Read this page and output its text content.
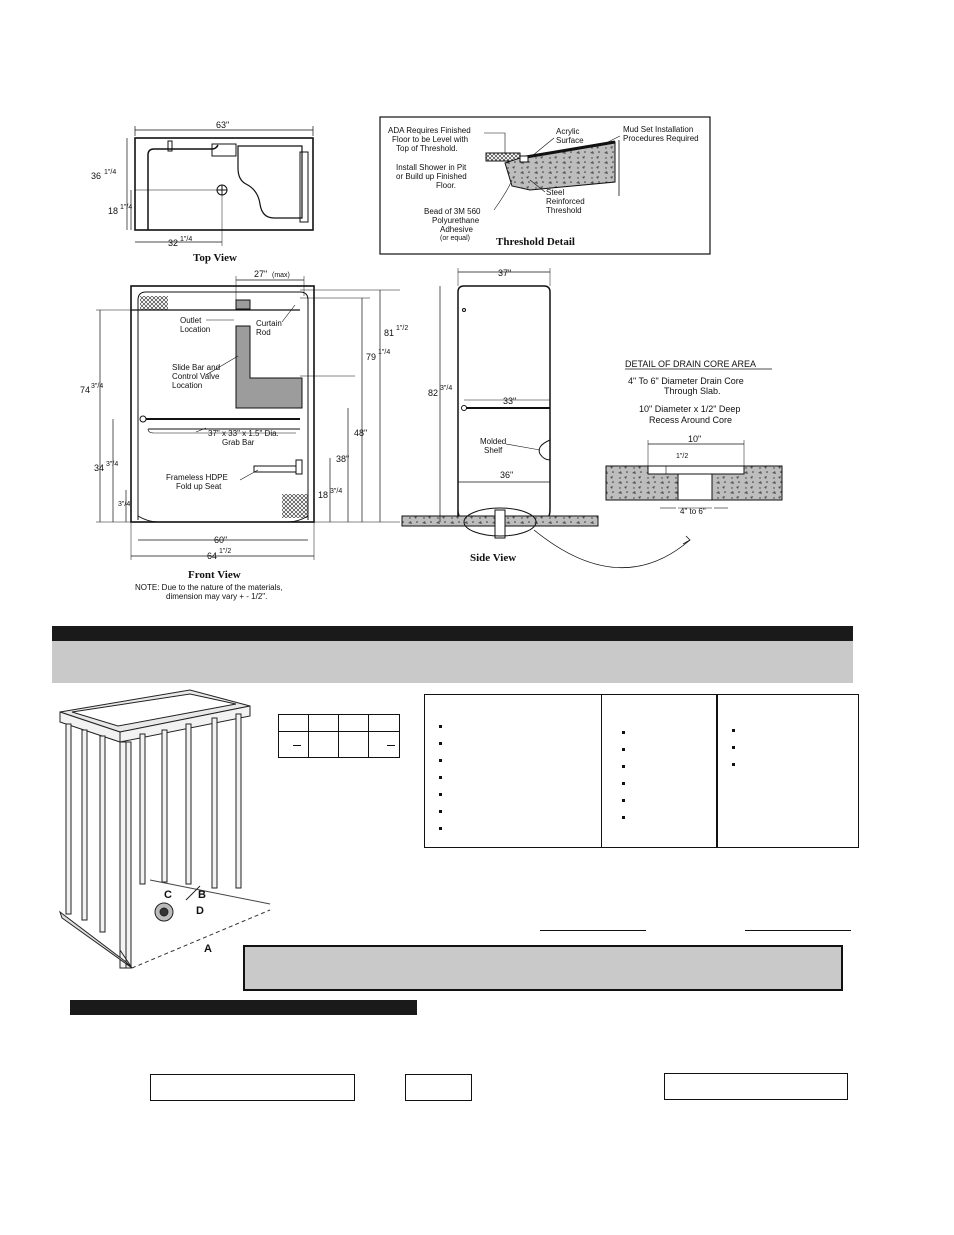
63"
36 1"/4
18 1"/4
32 1"/4
Top View
ADA Requires Finished
Floor to be Level with
Top of Threshold.
Install Shower in Pit
or Build up Finished
Floor.
Bead of 3M 560
Polyurethane
Adhesive
(or equal)
Acrylic
Surface
Mud Set Installation
Procedures Required
Steel
Reinforced
Threshold
Threshold Detail
27" (max)
Outlet
Location
Curtain
Rod
Slide Bar and
Control Valve
Location
37" x 33" x 1.5" Dia.
Grab Bar
Frameless HDPE
Fold up Seat
81 1"/2
79 1"/4
74 3"/4
48"
38"
34 3"/4
18 3"/4
3"/4
60"
64 1"/2
Front View
NOTE: Due to the nature of the materials,
dimension may vary + - 1/2".
37"
33"
36"
82 3"/4
Molded
Shelf
Side View
DETAIL OF DRAIN CORE AREA
4" To 6" Diameter Drain Core
Through Slab.
10" Diameter x 1/2" Deep
Recess Around Core
10"
1"/2
4" to 6"
A
B
C
D
